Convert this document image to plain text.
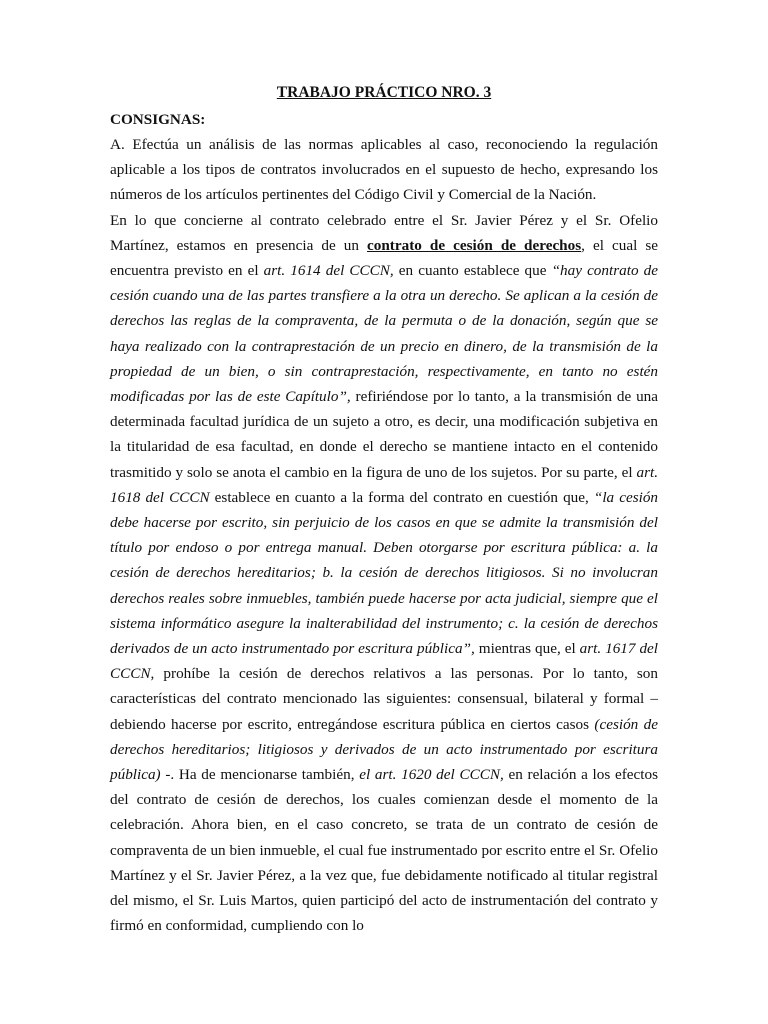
TRABAJO PRÁCTICO NRO. 3
CONSIGNAS:

A. Efectúa un análisis de las normas aplicables al caso, reconociendo la regulación aplicable a los tipos de contratos involucrados en el supuesto de hecho, expresando los números de los artículos pertinentes del Código Civil y Comercial de la Nación.

En lo que concierne al contrato celebrado entre el Sr. Javier Pérez y el Sr. Ofelio Martínez, estamos en presencia de un contrato de cesión de derechos, el cual se encuentra previsto en el art. 1614 del CCCN, en cuanto establece que “hay contrato de cesión cuando una de las partes transfiere a la otra un derecho. Se aplican a la cesión de derechos las reglas de la compraventa, de la permuta o de la donación, según que se haya realizado con la contraprestación de un precio en dinero, de la transmisión de la propiedad de un bien, o sin contraprestación, respectivamente, en tanto no estén modificadas por las de este Capítulo”, refiriéndose por lo tanto, a la transmisión de una determinada facultad jurídica de un sujeto a otro, es decir, una modificación subjetiva en la titularidad de esa facultad, en donde el derecho se mantiene intacto en el contenido trasmitido y solo se anota el cambio en la figura de uno de los sujetos. Por su parte, el art. 1618 del CCCN establece en cuanto a la forma del contrato en cuestión que, “la cesión debe hacerse por escrito, sin perjuicio de los casos en que se admite la transmisión del título por endoso o por entrega manual. Deben otorgarse por escritura pública: a. la cesión de derechos hereditarios; b. la cesión de derechos litigiosos. Si no involucran derechos reales sobre inmuebles, también puede hacerse por acta judicial, siempre que el sistema informático asegure la inalterabilidad del instrumento; c. la cesión de derechos derivados de un acto instrumentado por escritura pública”, mientras que, el art. 1617 del CCCN, prohíbe la cesión de derechos relativos a las personas. Por lo tanto, son características del contrato mencionado las siguientes: consensual, bilateral y formal – debiendo hacerse por escrito, entregándose escritura pública en ciertos casos (cesión de derechos hereditarios; litigiosos y derivados de un acto instrumentado por escritura pública) -. Ha de mencionarse también, el art. 1620 del CCCN, en relación a los efectos del contrato de cesión de derechos, los cuales comienzan desde el momento de la celebración. Ahora bien, en el caso concreto, se trata de un contrato de cesión de compraventa de un bien inmueble, el cual fue instrumentado por escrito entre el Sr. Ofelio Martínez y el Sr. Javier Pérez, a la vez que, fue debidamente notificado al titular registral del mismo, el Sr. Luis Martos, quien participó del acto de instrumentación del contrato y firmó en conformidad, cumpliendo con lo
